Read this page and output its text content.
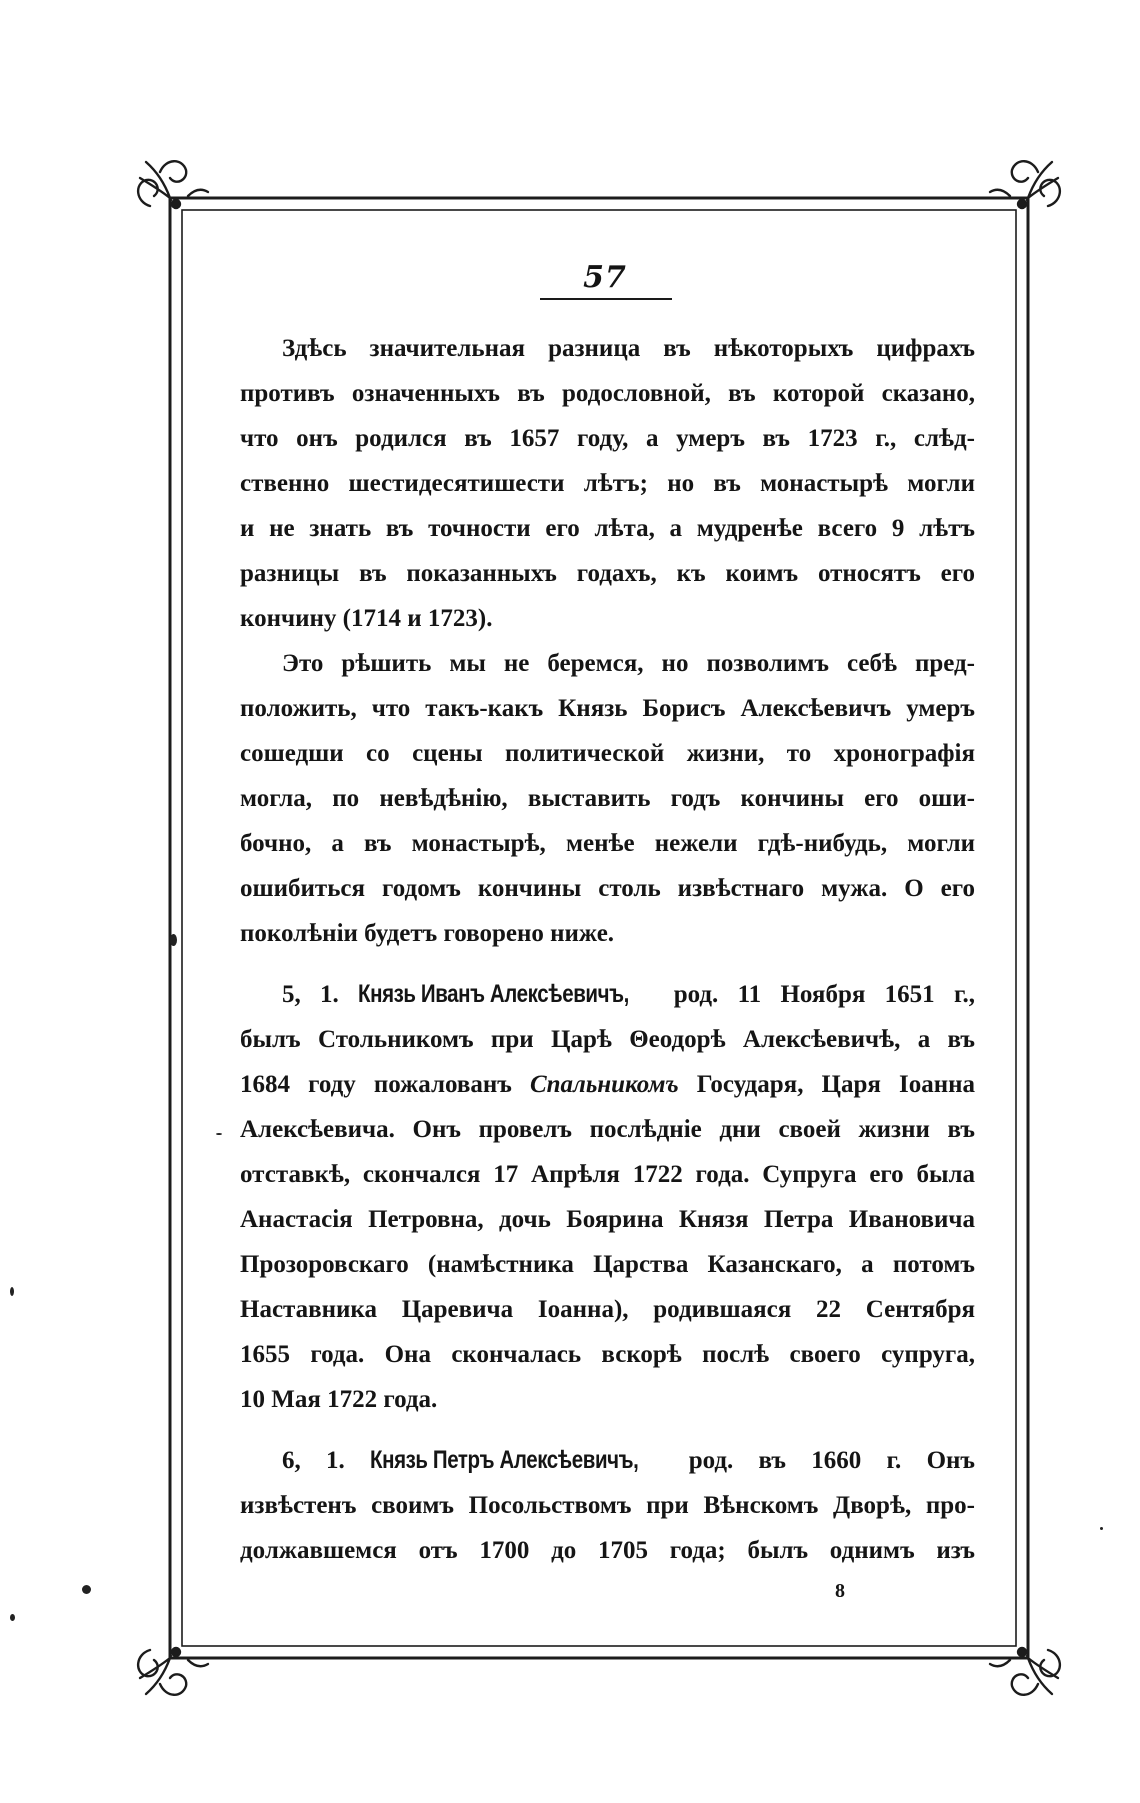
57
Здѣсь значительная разница въ нѣкоторыхъ цифрахъ
противъ означенныхъ въ родословной, въ которой сказано,
что онъ родился въ 1657 году, а умеръ въ 1723 г., слѣд-
ственно шестидесятишести лѣтъ; но въ монастырѣ могли
и не знать въ точности его лѣта, а мудренѣе всего 9 лѣтъ
разницы въ показанныхъ годахъ, къ коимъ относятъ его
кончину (1714 и 1723).
Это рѣшить мы не беремся, но позволимъ себѣ пред-
положить, что такъ-какъ Князь Борисъ Алексѣевичъ умеръ
сошедши со сцены политической жизни, то хронографія
могла, по невѣдѣнію, выставить годъ кончины его оши-
бочно, а въ монастырѣ, менѣе нежели гдѣ-нибудь, могли
ошибиться годомъ кончины столь извѣстнаго мужа. О его
поколѣніи будетъ говорено ниже.
5, 1. Князь Иванъ Алексѣевичъ, род. 11 Ноября 1651 г.,
былъ Стольникомъ при Царѣ Θеодорѣ Алексѣевичѣ, а въ
1684 году пожалованъ Спальникомъ Государя, Царя Іоанна
Алексѣевича. Онъ провелъ послѣдніе дни своей жизни въ
отставкѣ, скончался 17 Апрѣля 1722 года. Супруга его была
Анастасія Петровна, дочь Боярина Князя Петра Ивановича
Прозоровскаго (намѣстника Царства Казанскаго, а потомъ
Наставника Царевича Іоанна), родившаяся 22 Сентября
1655 года. Она скончалась вскорѣ послѣ своего супруга,
10 Мая 1722 года.
6, 1. Князь Петръ Алексѣевичъ, род. въ 1660 г. Онъ
извѣстенъ своимъ Посольствомъ при Вѣнскомъ Дворѣ, про-
должавшемся отъ 1700 до 1705 года; былъ однимъ изъ
8
